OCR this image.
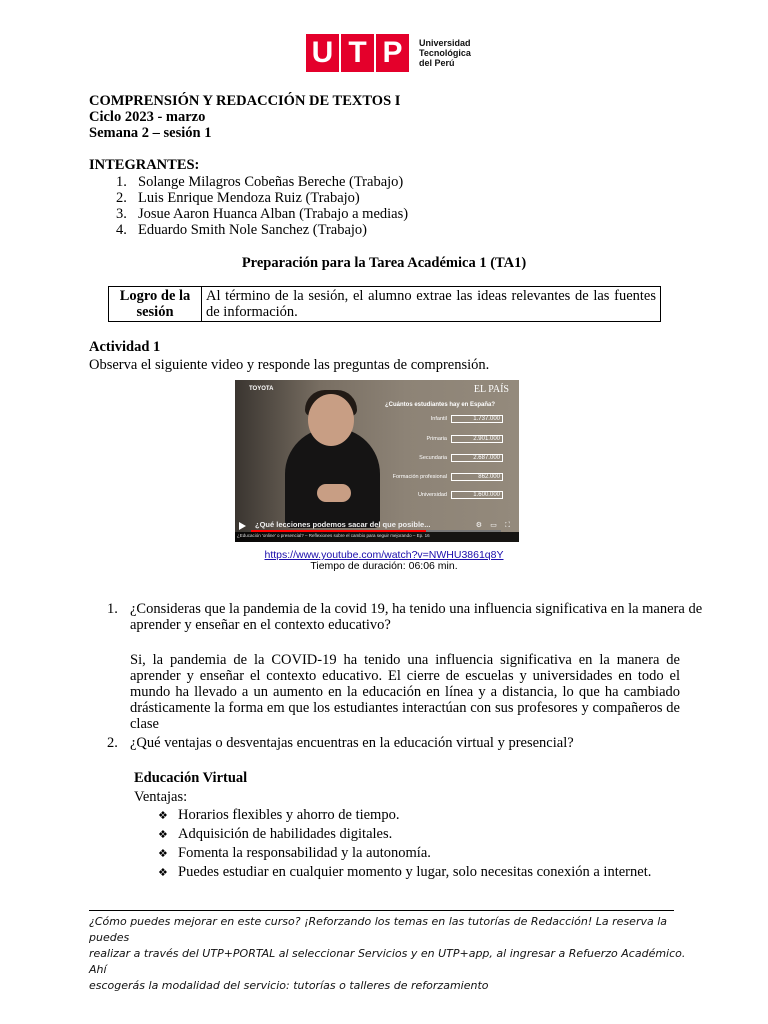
U T P	Universidad
Tecnológica
del Perú
COMPRENSIÓN Y REDACCIÓN DE TEXTOS I
Ciclo 2023 - marzo
Semana 2 – sesión 1
INTEGRANTES:
1. Solange Milagros Cobeñas Bereche (Trabajo)
2. Luis Enrique Mendoza Ruiz (Trabajo)
3. Josue Aaron Huanca Alban (Trabajo a medias)
4. Eduardo Smith Nole Sanchez (Trabajo)
Preparación para la Tarea Académica 1 (TA1)
Logro de la sesión	Al término de la sesión, el alumno extrae las ideas relevantes de las fuentes de información.
Actividad 1
Observa el siguiente video y responde las preguntas de comprensión.
TOYOTA	EL PAÍS
¿Cuántos estudiantes hay en España?
Infantil	1.737.000
Primaria	2.901.000
Secundaria	2.687.000
Formación profesional	862.000
Universidad	1.600.000
¿Qué lecciones podemos sacar del que posible...	⚙ ▭ ⛶
¿Educación 'online' o presencial? – Reflexiones sobre el cambio para seguir mejorando – Ep. 16
https://www.youtube.com/watch?v=NWHU3861q8Y
Tiempo de duración: 06:06 min.
1. ¿Consideras que la pandemia de la covid 19, ha tenido una influencia significativa en la manera de
aprender y enseñar en el contexto educativo?
Si, la pandemia de la COVID-19 ha tenido una influencia significativa en la manera de aprender y enseñar el contexto educativo. El cierre de escuelas y universidades en todo el mundo ha llevado a un aumento en la educación en línea y a distancia, lo que ha cambiado drásticamente la forma em que los estudiantes interactúan con sus profesores y compañeros de clase
2. ¿Qué ventajas o desventajas encuentras en la educación virtual y presencial?
Educación Virtual
Ventajas:
❖ Horarios flexibles y ahorro de tiempo.
❖ Adquisición de habilidades digitales.
❖ Fomenta la responsabilidad y la autonomía.
❖ Puedes estudiar en cualquier momento y lugar, solo necesitas conexión a internet.
¿Cómo puedes mejorar en este curso? ¡Reforzando los temas en las tutorías de Redacción! La reserva la puedes
realizar a través del UTP+PORTAL al seleccionar Servicios y en UTP+app, al ingresar a Refuerzo Académico. Ahí
escogerás la modalidad del servicio: tutorías o talleres de reforzamiento
